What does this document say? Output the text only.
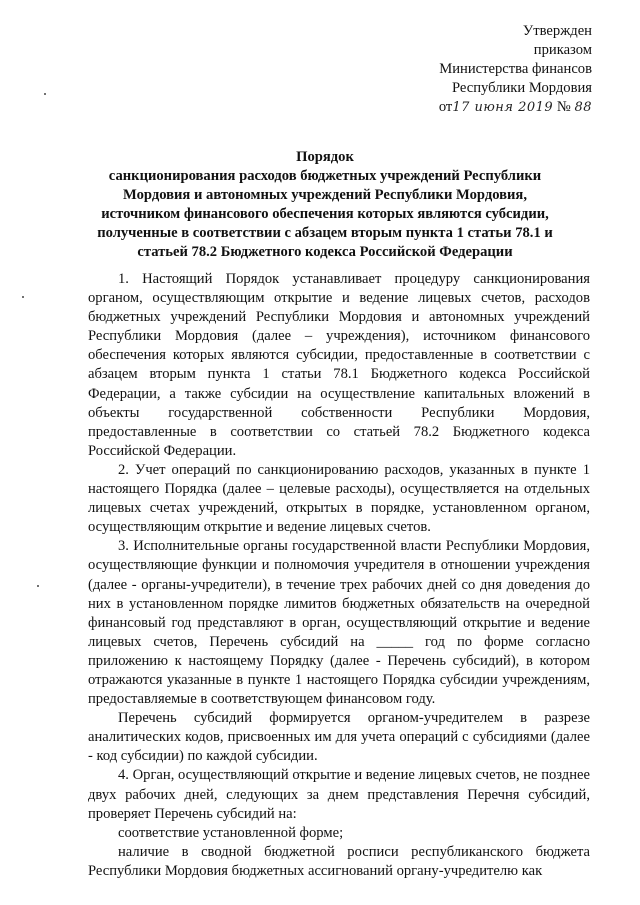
Утвержден
приказом
Министерства финансов
Республики Мордовия
от17 июня 2019 № 88
Порядок
санкционирования расходов бюджетных учреждений Республики
Мордовия и автономных учреждений Республики Мордовия,
источником финансового обеспечения которых являются субсидии,
полученные в соответствии с абзацем вторым пункта 1 статьи 78.1 и
статьей 78.2 Бюджетного кодекса Российской Федерации

1. Настоящий Порядок устанавливает процедуру санкционирования органом, осуществляющим открытие и ведение лицевых счетов, расходов бюджетных учреждений Республики Мордовия и автономных учреждений Республики Мордовия (далее – учреждения), источником финансового обеспечения которых являются субсидии, предоставленные в соответствии с абзацем вторым пункта 1 статьи 78.1 Бюджетного кодекса Российской Федерации, а также субсидии на осуществление капитальных вложений в объекты государственной собственности Республики Мордовия, предоставленные в соответствии со статьей 78.2 Бюджетного кодекса Российской Федерации.

2. Учет операций по санкционированию расходов, указанных в пункте 1 настоящего Порядка (далее – целевые расходы), осуществляется на отдельных лицевых счетах учреждений, открытых в порядке, установленном органом, осуществляющим открытие и ведение лицевых счетов.

3. Исполнительные органы государственной власти Республики Мордовия, осуществляющие функции и полномочия учредителя в отношении учреждения (далее - органы-учредители), в течение трех рабочих дней со дня доведения до них в установленном порядке лимитов бюджетных обязательств на очередной финансовый год представляют в орган, осуществляющий открытие и ведение лицевых счетов, Перечень субсидий на _____ год по форме согласно приложению к настоящему Порядку (далее - Перечень субсидий), в котором отражаются указанные в пункте 1 настоящего Порядка субсидии учреждениям, предоставляемые в соответствующем финансовом году.

Перечень субсидий формируется органом-учредителем в разрезе аналитических кодов, присвоенных им для учета операций с субсидиями (далее - код субсидии) по каждой субсидии.

4. Орган, осуществляющий открытие и ведение лицевых счетов, не позднее двух рабочих дней, следующих за днем представления Перечня субсидий, проверяет Перечень субсидий на:

соответствие установленной форме;

наличие в сводной бюджетной росписи республиканского бюджета Республики Мордовия бюджетных ассигнований органу-учредителю как
